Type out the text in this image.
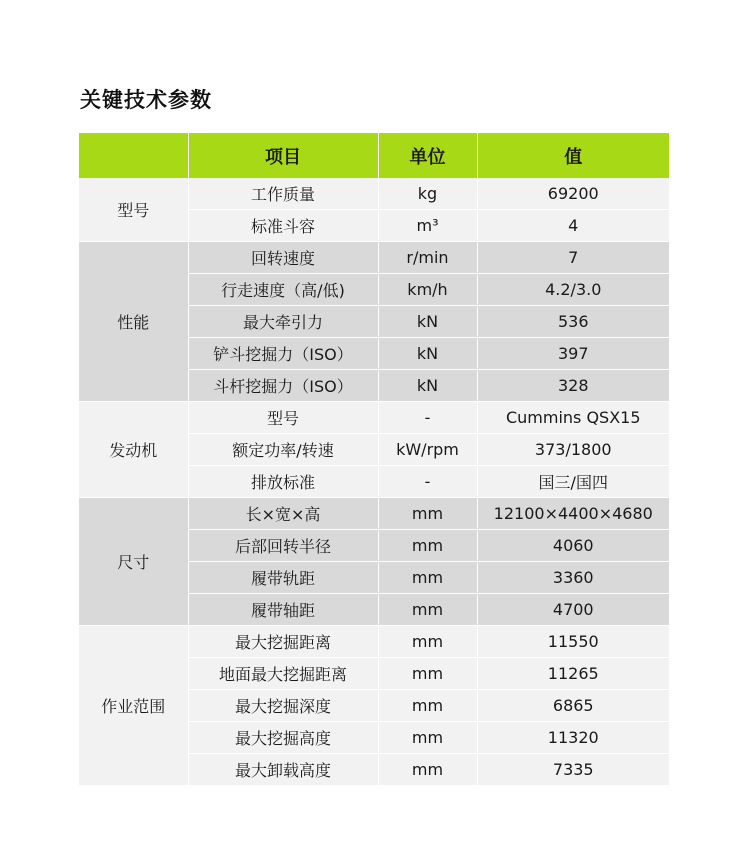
关键技术参数
	项目	单位	值
型号	工作质量	kg	69200
	标准斗容	m³	4
性能	回转速度	r/min	7
	行走速度（高/低)	km/h	4.2/3.0
	最大牵引力	kN	536
	铲斗挖掘力（ISO）	kN	397
	斗杆挖掘力（ISO）	kN	328
发动机	型号	-	Cummins QSX15
	额定功率/转速	kW/rpm	373/1800
	排放标准	-	国三/国四
尺寸	长×宽×高	mm	12100×4400×4680
	后部回转半径	mm	4060
	履带轨距	mm	3360
	履带轴距	mm	4700
作业范围	最大挖掘距离	mm	11550
	地面最大挖掘距离	mm	11265
	最大挖掘深度	mm	6865
	最大挖掘高度	mm	11320
	最大卸载高度	mm	7335
